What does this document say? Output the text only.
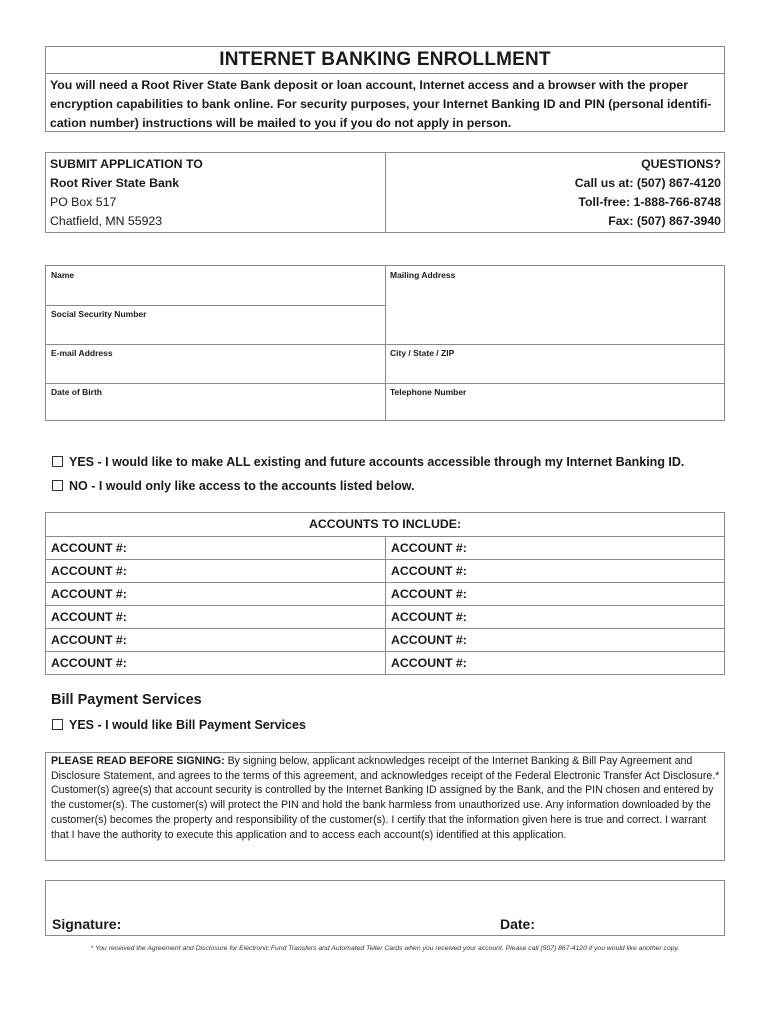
INTERNET BANKING ENROLLMENT
You will need a Root River State Bank deposit or loan account, Internet access and a browser with the proper
encryption capabilities to bank online. For security purposes, your Internet Banking ID and PIN (personal identifi-
cation number) instructions will be mailed to you if you do not apply in person.
SUBMIT APPLICATION TO
Root River State Bank
PO Box 517
Chatfield, MN 55923
QUESTIONS?
Call us at: (507) 867-4120
Toll-free: 1-888-766-8748
Fax: (507) 867-3940
Name	Mailing Address
Social Security Number
E-mail Address	City / State / ZIP
Date of Birth	Telephone Number
YES - I would like to make ALL existing and future accounts accessible through my Internet Banking ID.
NO - I would only like access to the accounts listed below.
ACCOUNTS TO INCLUDE:
ACCOUNT #:	ACCOUNT #:
ACCOUNT #:	ACCOUNT #:
ACCOUNT #:	ACCOUNT #:
ACCOUNT #:	ACCOUNT #:
ACCOUNT #:	ACCOUNT #:
ACCOUNT #:	ACCOUNT #:
Bill Payment Services
YES - I would like Bill Payment Services
PLEASE READ BEFORE SIGNING: By signing below, applicant acknowledges receipt of the Internet Banking & Bill Pay Agreement and Disclosure Statement, and agrees to the terms of this agreement, and acknowledges receipt of the Federal Electronic Transfer Act Disclosure.* Customer(s) agree(s) that account security is controlled by the Internet Banking ID assigned by the Bank, and the PIN chosen and entered by the customer(s). The customer(s) will protect the PIN and hold the bank harmless from unauthorized use. Any information downloaded by the customer(s) becomes the property and responsibility of the customer(s). I certify that the information given here is true and correct. I warrant that I have the authority to execute this application and to access each account(s) identified at this application.
Signature:	Date:
* You received the Agreement and Disclosure for Electronic Fund Transfers and Automated Teller Cards when you received your account. Please call (507) 867-4120 if you would like another copy.
